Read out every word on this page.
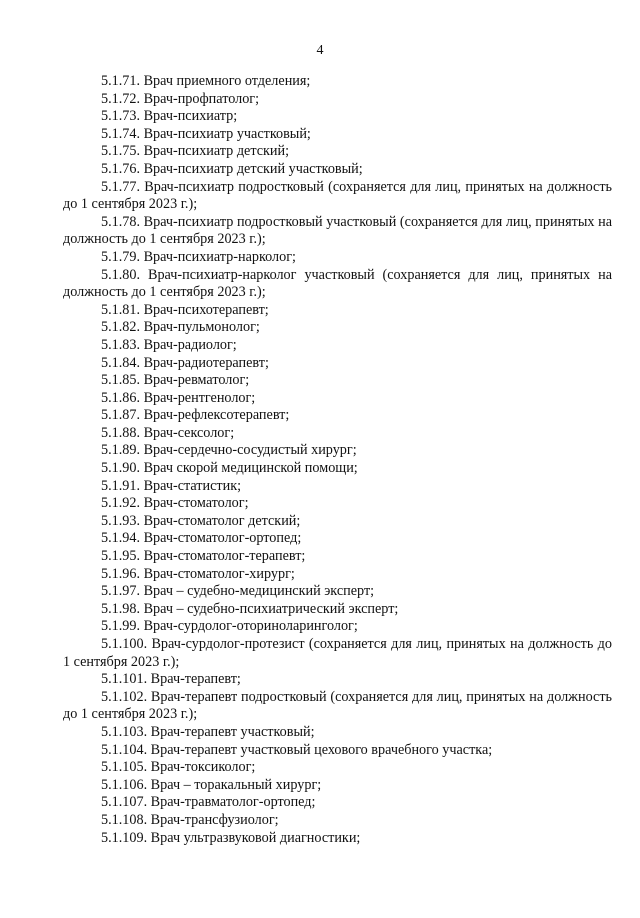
4

5.1.71. Врач приемного отделения;

5.1.72. Врач-профпатолог;

5.1.73. Врач-психиатр;

5.1.74. Врач-психиатр участковый;

5.1.75. Врач-психиатр детский;

5.1.76. Врач-психиатр детский участковый;

5.1.77. Врач-психиатр подростковый (сохраняется для лиц, принятых на должность до 1 сентября 2023 г.);

5.1.78. Врач-психиатр подростковый участковый (сохраняется для лиц, принятых на должность до 1 сентября 2023 г.);

5.1.79. Врач-психиатр-нарколог;

5.1.80. Врач-психиатр-нарколог участковый (сохраняется для лиц, принятых на должность до 1 сентября 2023 г.);

5.1.81. Врач-психотерапевт;

5.1.82. Врач-пульмонолог;

5.1.83. Врач-радиолог;

5.1.84. Врач-радиотерапевт;

5.1.85. Врач-ревматолог;

5.1.86. Врач-рентгенолог;

5.1.87. Врач-рефлексотерапевт;

5.1.88. Врач-сексолог;

5.1.89. Врач-сердечно-сосудистый хирург;

5.1.90. Врач скорой медицинской помощи;

5.1.91. Врач-статистик;

5.1.92. Врач-стоматолог;

5.1.93. Врач-стоматолог детский;

5.1.94. Врач-стоматолог-ортопед;

5.1.95. Врач-стоматолог-терапевт;

5.1.96. Врач-стоматолог-хирург;

5.1.97. Врач – судебно-медицинский эксперт;

5.1.98. Врач – судебно-психиатрический эксперт;

5.1.99. Врач-сурдолог-оториноларинголог;

5.1.100. Врач-сурдолог-протезист (сохраняется для лиц, принятых на должность до 1 сентября 2023 г.);

5.1.101. Врач-терапевт;

5.1.102. Врач-терапевт подростковый (сохраняется для лиц, принятых на должность до 1 сентября 2023 г.);

5.1.103. Врач-терапевт участковый;

5.1.104. Врач-терапевт участковый цехового врачебного участка;

5.1.105. Врач-токсиколог;

5.1.106. Врач – торакальный хирург;

5.1.107. Врач-травматолог-ортопед;

5.1.108. Врач-трансфузиолог;

5.1.109. Врач ультразвуковой диагностики;
